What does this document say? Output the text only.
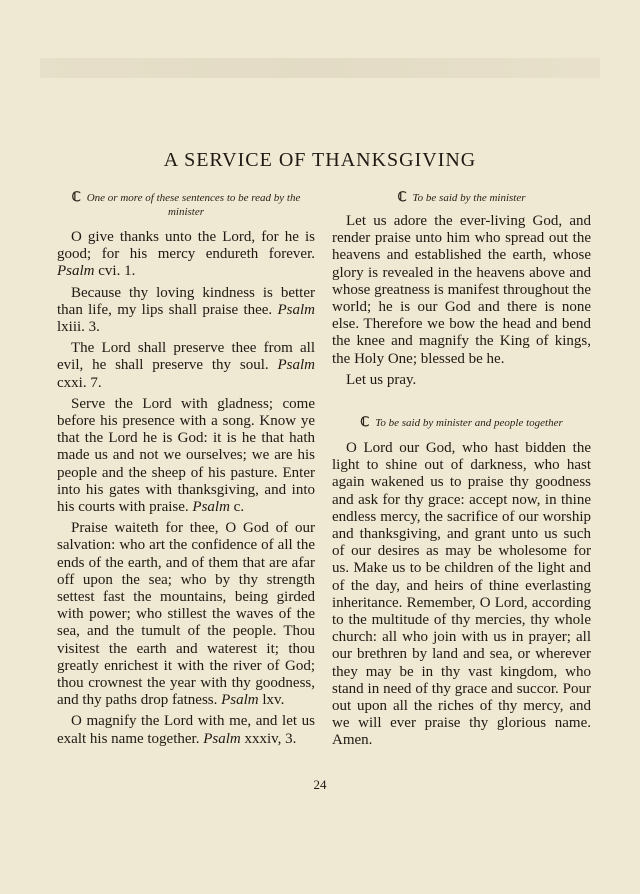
A SERVICE OF THANKSGIVING

ℂ One or more of these sentences to be read by the minister

O give thanks unto the Lord, for he is good; for his mercy endureth forever. Psalm cvi. 1.

Because thy loving kindness is better than life, my lips shall praise thee. Psalm lxiii. 3.

The Lord shall preserve thee from all evil, he shall preserve thy soul. Psalm cxxi. 7.

Serve the Lord with gladness; come before his presence with a song. Know ye that the Lord he is God: it is he that hath made us and not we ourselves; we are his people and the sheep of his pasture. Enter into his gates with thanksgiving, and into his courts with praise. Psalm c.

Praise waiteth for thee, O God of our salvation: who art the confidence of all the ends of the earth, and of them that are afar off upon the sea; who by thy strength settest fast the mountains, being girded with power; who stillest the waves of the sea, and the tumult of the people. Thou visitest the earth and waterest it; thou greatly enrichest it with the river of God; thou crownest the year with thy goodness, and thy paths drop fatness. Psalm lxv.

O magnify the Lord with me, and let us exalt his name together. Psalm xxxiv, 3.

ℂ To be said by the minister

Let us adore the ever-living God, and render praise unto him who spread out the heavens and established the earth, whose glory is revealed in the heavens above and whose greatness is manifest throughout the world; he is our God and there is none else. Therefore we bow the head and bend the knee and magnify the King of kings, the Holy One; blessed be he.

Let us pray.

ℂ To be said by minister and people together

O Lord our God, who hast bidden the light to shine out of darkness, who hast again wakened us to praise thy goodness and ask for thy grace: accept now, in thine endless mercy, the sacrifice of our worship and thanksgiving, and grant unto us such of our desires as may be wholesome for us. Make us to be children of the light and of the day, and heirs of thine everlasting inheritance. Remember, O Lord, according to the multitude of thy mercies, thy whole church: all who join with us in prayer; all our brethren by land and sea, or wherever they may be in thy vast kingdom, who stand in need of thy grace and succor. Pour out upon all the riches of thy mercy, and we will ever praise thy glorious name. Amen.

24
